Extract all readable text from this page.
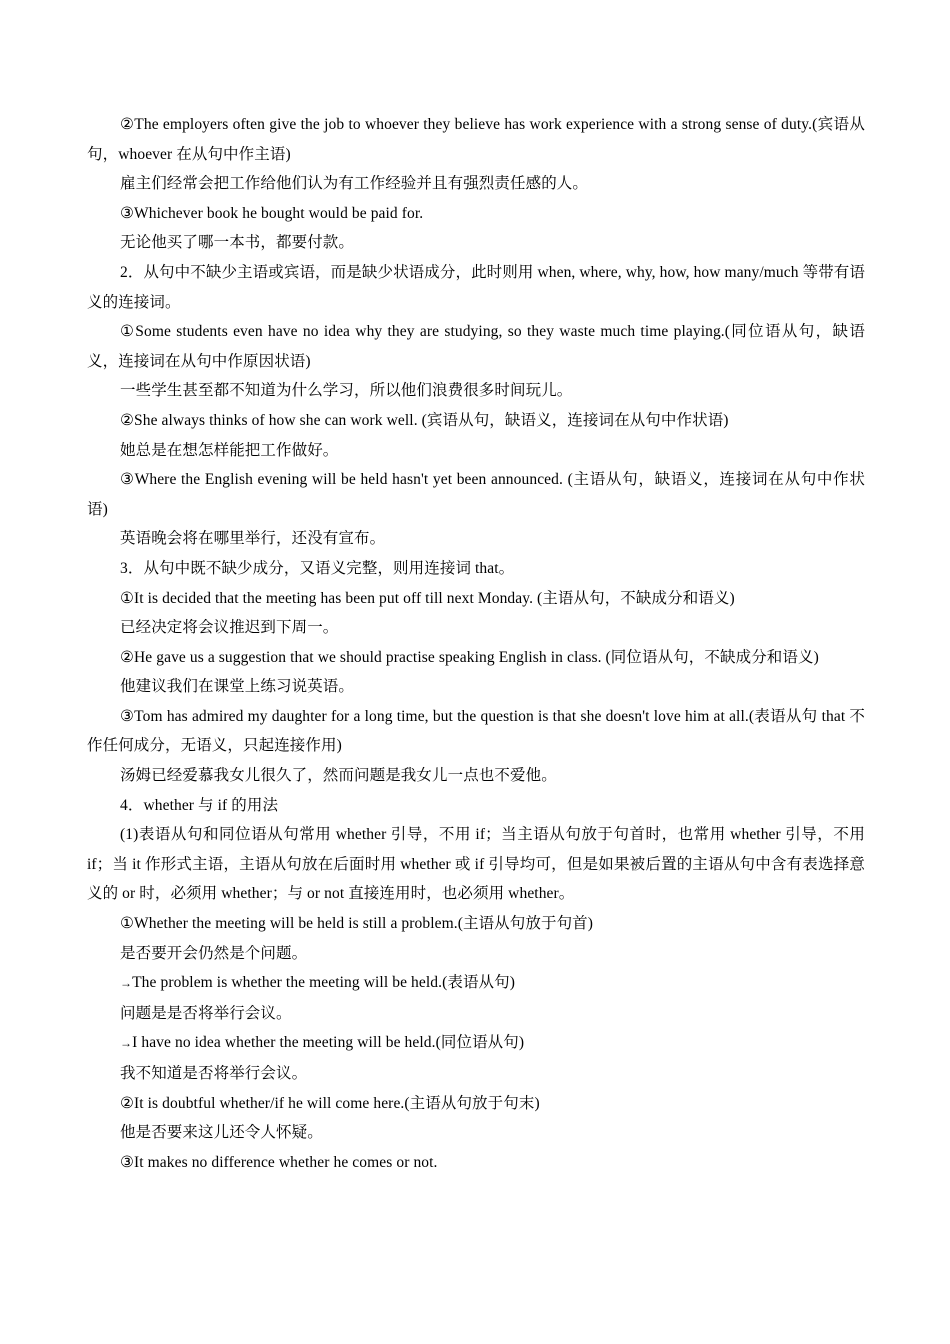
②The employers often give the job to whoever they believe has work experience with a strong sense of duty.(宾语从句，whoever 在从句中作主语)

雇主们经常会把工作给他们认为有工作经验并且有强烈责任感的人。

③Whichever book he bought would be paid for.

无论他买了哪一本书，都要付款。

2．从句中不缺少主语或宾语，而是缺少状语成分，此时则用 when, where, why, how, how many/much 等带有语义的连接词。

①Some students even have no idea why they are studying, so they waste much time playing.(同位语从句，缺语义，连接词在从句中作原因状语)

一些学生甚至都不知道为什么学习，所以他们浪费很多时间玩儿。

②She always thinks of how she can work well. (宾语从句，缺语义，连接词在从句中作状语)

她总是在想怎样能把工作做好。

③Where the English evening will be held hasn't yet been announced. (主语从句，缺语义，连接词在从句中作状语)

英语晚会将在哪里举行，还没有宣布。

3．从句中既不缺少成分，又语义完整，则用连接词 that。

①It is decided that the meeting has been put off till next Monday. (主语从句，不缺成分和语义)

已经决定将会议推迟到下周一。

②He gave us a suggestion that we should practise speaking English in class. (同位语从句，不缺成分和语义)

他建议我们在课堂上练习说英语。

③Tom has admired my daughter for a long time, but the question is that she doesn't love him at all.(表语从句 that 不作任何成分，无语义，只起连接作用)

汤姆已经爱慕我女儿很久了，然而问题是我女儿一点也不爱他。

4．whether 与 if 的用法

(1)表语从句和同位语从句常用 whether 引导，不用 if；当主语从句放于句首时，也常用 whether 引导，不用 if；当 it 作形式主语，主语从句放在后面时用 whether 或 if 引导均可，但是如果被后置的主语从句中含有表选择意义的 or 时，必须用 whether；与 or not 直接连用时，也必须用 whether。

①Whether the meeting will be held is still a problem.(主语从句放于句首)

是否要开会仍然是个问题。

→The problem is whether the meeting will be held.(表语从句)

问题是是否将举行会议。

→I have no idea whether the meeting will be held.(同位语从句)

我不知道是否将举行会议。

②It is doubtful whether/if he will come here.(主语从句放于句末)

他是否要来这儿还令人怀疑。

③It makes no difference whether he comes or not.
